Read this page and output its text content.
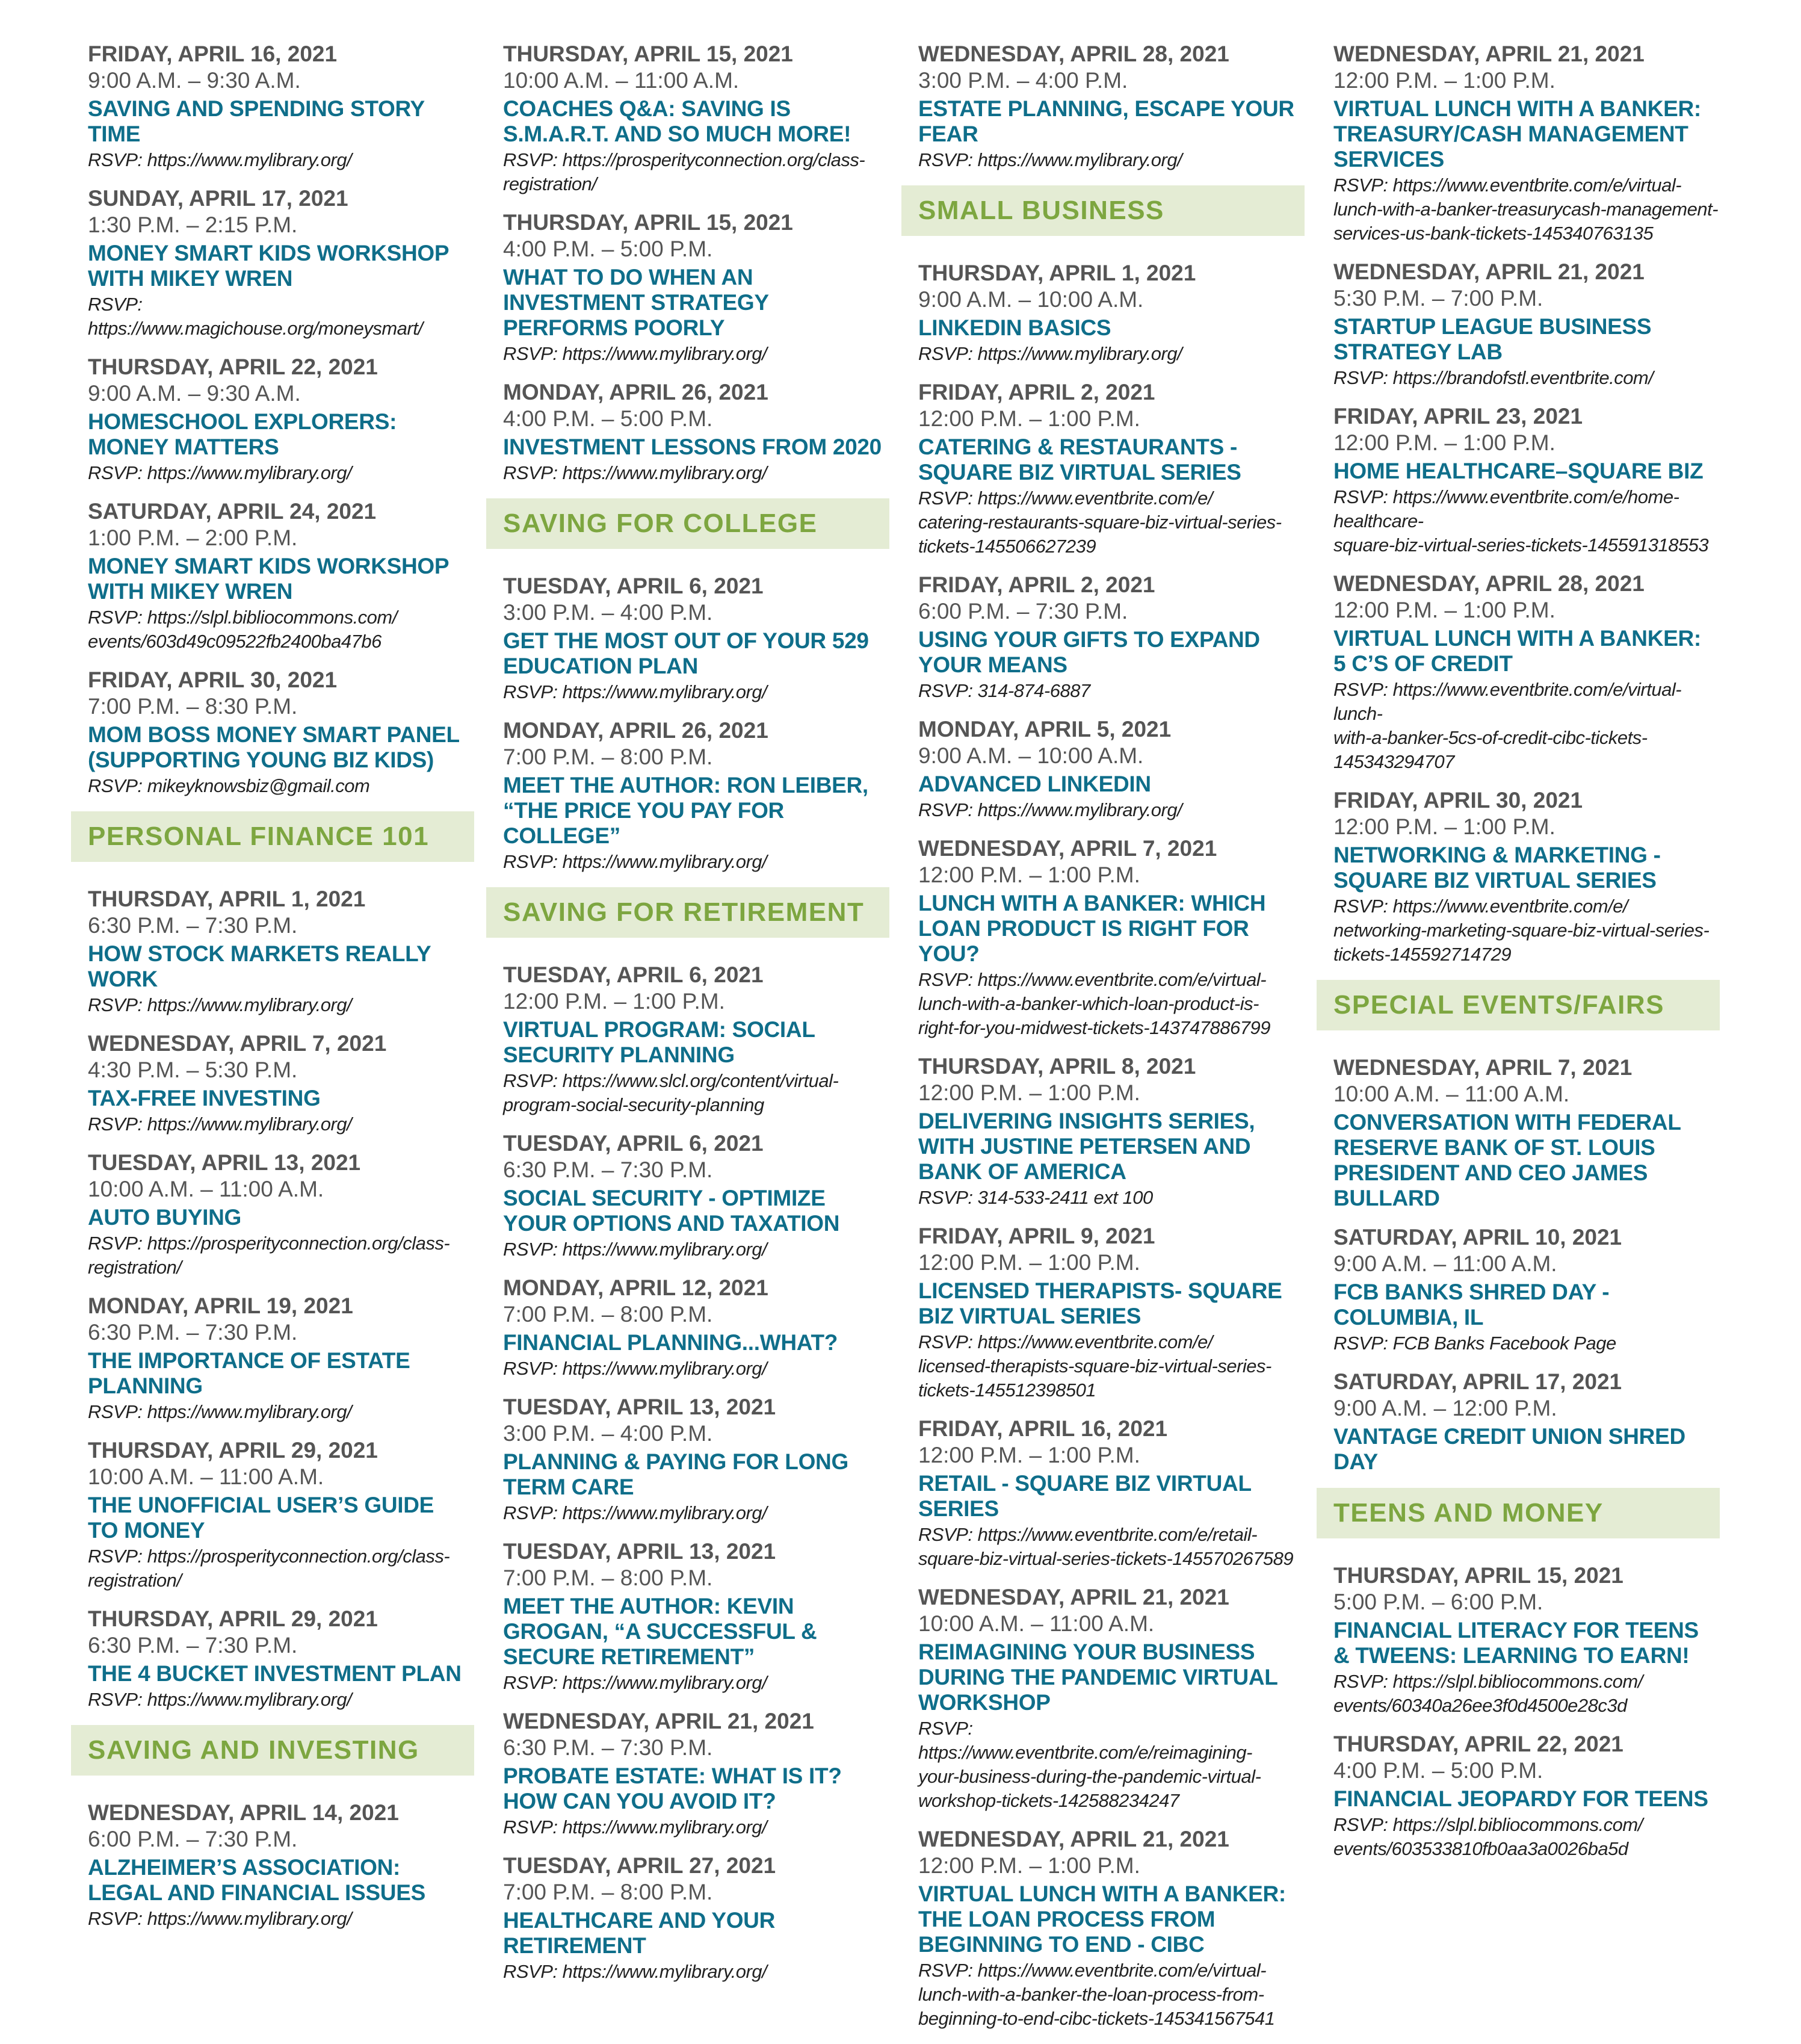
FRIDAY, APRIL 16, 2021
9:00 A.M. – 9:30 A.M.
SAVING AND SPENDING STORY TIME
RSVP: https://www.mylibrary.org/
SUNDAY, APRIL 17, 2021
1:30 P.M. – 2:15 P.M.
MONEY SMART KIDS WORKSHOP
WITH MIKEY WREN
RSVP: https://www.magichouse.org/moneysmart/
THURSDAY, APRIL 22, 2021
9:00 A.M. – 9:30 A.M.
HOMESCHOOL EXPLORERS:
MONEY MATTERS
RSVP: https://www.mylibrary.org/
SATURDAY, APRIL 24, 2021
1:00 P.M. – 2:00 P.M.
MONEY SMART KIDS WORKSHOP
WITH MIKEY WREN
RSVP: https://slpl.bibliocommons.com/
events/603d49c09522fb2400ba47b6
FRIDAY, APRIL 30, 2021
7:00 P.M. – 8:30 P.M.
MOM BOSS MONEY SMART PANEL
(SUPPORTING YOUNG BIZ KIDS)
RSVP: mikeyknowsbiz@gmail.com
PERSONAL FINANCE 101
THURSDAY, APRIL 1, 2021
6:30 P.M. – 7:30 P.M.
HOW STOCK MARKETS REALLY WORK
RSVP: https://www.mylibrary.org/
WEDNESDAY, APRIL 7, 2021
4:30 P.M. – 5:30 P.M.
TAX-FREE INVESTING
RSVP: https://www.mylibrary.org/
TUESDAY, APRIL 13, 2021
10:00 A.M. – 11:00 A.M.
AUTO BUYING
RSVP: https://prosperityconnection.org/class-
registration/
MONDAY, APRIL 19, 2021
6:30 P.M. – 7:30 P.M.
THE IMPORTANCE OF ESTATE
PLANNING
RSVP: https://www.mylibrary.org/
THURSDAY, APRIL 29, 2021
10:00 A.M. – 11:00 A.M.
THE UNOFFICIAL USER’S GUIDE
TO MONEY
RSVP: https://prosperityconnection.org/class-
registration/
THURSDAY, APRIL 29, 2021
6:30 P.M. – 7:30 P.M.
THE 4 BUCKET INVESTMENT PLAN
RSVP: https://www.mylibrary.org/
SAVING AND INVESTING
WEDNESDAY, APRIL 14, 2021
6:00 P.M. – 7:30 P.M.
ALZHEIMER’S ASSOCIATION:
LEGAL AND FINANCIAL ISSUES
RSVP: https://www.mylibrary.org/
THURSDAY, APRIL 15, 2021
10:00 A.M. – 11:00 A.M.
COACHES Q&A: SAVING IS
S.M.A.R.T. AND SO MUCH MORE!
RSVP: https://prosperityconnection.org/class-
registration/
THURSDAY, APRIL 15, 2021
4:00 P.M. – 5:00 P.M.
WHAT TO DO WHEN AN
INVESTMENT STRATEGY
PERFORMS POORLY
RSVP: https://www.mylibrary.org/
MONDAY, APRIL 26, 2021
4:00 P.M. – 5:00 P.M.
INVESTMENT LESSONS FROM 2020
RSVP: https://www.mylibrary.org/
SAVING FOR COLLEGE
TUESDAY, APRIL 6, 2021
3:00 P.M. – 4:00 P.M.
GET THE MOST OUT OF YOUR 529
EDUCATION PLAN
RSVP: https://www.mylibrary.org/
MONDAY, APRIL 26, 2021
7:00 P.M. – 8:00 P.M.
MEET THE AUTHOR: RON LEIBER,
“THE PRICE YOU PAY FOR COLLEGE”
RSVP: https://www.mylibrary.org/
SAVING FOR RETIREMENT
TUESDAY, APRIL 6, 2021
12:00 P.M. – 1:00 P.M.
VIRTUAL PROGRAM: SOCIAL
SECURITY PLANNING
RSVP: https://www.slcl.org/content/virtual-
program-social-security-planning
TUESDAY, APRIL 6, 2021
6:30 P.M. – 7:30 P.M.
SOCIAL SECURITY - OPTIMIZE
YOUR OPTIONS AND TAXATION
RSVP: https://www.mylibrary.org/
MONDAY, APRIL 12, 2021
7:00 P.M. – 8:00 P.M.
FINANCIAL PLANNING...WHAT?
RSVP: https://www.mylibrary.org/
TUESDAY, APRIL 13, 2021
3:00 P.M. – 4:00 P.M.
PLANNING & PAYING FOR LONG
TERM CARE
RSVP: https://www.mylibrary.org/
TUESDAY, APRIL 13, 2021
7:00 P.M. – 8:00 P.M.
MEET THE AUTHOR: KEVIN
GROGAN, “A SUCCESSFUL &
SECURE RETIREMENT”
RSVP: https://www.mylibrary.org/
WEDNESDAY, APRIL 21, 2021
6:30 P.M. – 7:30 P.M.
PROBATE ESTATE: WHAT IS IT?
HOW CAN YOU AVOID IT?
RSVP: https://www.mylibrary.org/
TUESDAY, APRIL 27, 2021
7:00 P.M. – 8:00 P.M.
HEALTHCARE AND YOUR
RETIREMENT
RSVP: https://www.mylibrary.org/
WEDNESDAY, APRIL 28, 2021
3:00 P.M. – 4:00 P.M.
ESTATE PLANNING, ESCAPE YOUR
FEAR
RSVP: https://www.mylibrary.org/
SMALL BUSINESS
THURSDAY, APRIL 1, 2021
9:00 A.M. – 10:00 A.M.
LINKEDIN BASICS
RSVP: https://www.mylibrary.org/
FRIDAY, APRIL 2, 2021
12:00 P.M. – 1:00 P.M.
CATERING & RESTAURANTS -
SQUARE BIZ VIRTUAL SERIES
RSVP: https://www.eventbrite.com/e/
catering-restaurants-square-biz-virtual-series-
tickets-145506627239
FRIDAY, APRIL 2, 2021
6:00 P.M. – 7:30 P.M.
USING YOUR GIFTS TO EXPAND
YOUR MEANS
RSVP: 314-874-6887
MONDAY, APRIL 5, 2021
9:00 A.M. – 10:00 A.M.
ADVANCED LINKEDIN
RSVP: https://www.mylibrary.org/
WEDNESDAY, APRIL 7, 2021
12:00 P.M. – 1:00 P.M.
LUNCH WITH A BANKER: WHICH
LOAN PRODUCT IS RIGHT FOR YOU?
RSVP: https://www.eventbrite.com/e/virtual-
lunch-with-a-banker-which-loan-product-is-
right-for-you-midwest-tickets-143747886799
THURSDAY, APRIL 8, 2021
12:00 P.M. – 1:00 P.M.
DELIVERING INSIGHTS SERIES,
WITH JUSTINE PETERSEN AND
BANK OF AMERICA
RSVP: 314-533-2411 ext 100
FRIDAY, APRIL 9, 2021
12:00 P.M. – 1:00 P.M.
LICENSED THERAPISTS- SQUARE
BIZ VIRTUAL SERIES
RSVP: https://www.eventbrite.com/e/
licensed-therapists-square-biz-virtual-series-
tickets-145512398501
FRIDAY, APRIL 16, 2021
12:00 P.M. – 1:00 P.M.
RETAIL - SQUARE BIZ VIRTUAL SERIES
RSVP: https://www.eventbrite.com/e/retail-
square-biz-virtual-series-tickets-145570267589
WEDNESDAY, APRIL 21, 2021
10:00 A.M. – 11:00 A.M.
REIMAGINING YOUR BUSINESS
DURING THE PANDEMIC VIRTUAL
WORKSHOP
RSVP: https://www.eventbrite.com/e/reimagining-
your-business-during-the-pandemic-virtual-
workshop-tickets-142588234247
WEDNESDAY, APRIL 21, 2021
12:00 P.M. – 1:00 P.M.
VIRTUAL LUNCH WITH A BANKER:
THE LOAN PROCESS FROM
BEGINNING TO END - CIBC
RSVP: https://www.eventbrite.com/e/virtual-
lunch-with-a-banker-the-loan-process-from-
beginning-to-end-cibc-tickets-145341567541
WEDNESDAY, APRIL 21, 2021
12:00 P.M. – 1:00 P.M.
VIRTUAL LUNCH WITH A BANKER:
TREASURY/CASH MANAGEMENT
SERVICES
RSVP: https://www.eventbrite.com/e/virtual-
lunch-with-a-banker-treasurycash-management-
services-us-bank-tickets-145340763135
WEDNESDAY, APRIL 21, 2021
5:30 P.M. – 7:00 P.M.
STARTUP LEAGUE BUSINESS
STRATEGY LAB
RSVP: https://brandofstl.eventbrite.com/
FRIDAY, APRIL 23, 2021
12:00 P.M. – 1:00 P.M.
HOME HEALTHCARE–SQUARE BIZ
RSVP: https://www.eventbrite.com/e/home-healthcare-
square-biz-virtual-series-tickets-145591318553
WEDNESDAY, APRIL 28, 2021
12:00 P.M. – 1:00 P.M.
VIRTUAL LUNCH WITH A BANKER:
5 C’S OF CREDIT
RSVP: https://www.eventbrite.com/e/virtual-lunch-
with-a-banker-5cs-of-credit-cibc-tickets-145343294707
FRIDAY, APRIL 30, 2021
12:00 P.M. – 1:00 P.M.
NETWORKING & MARKETING -
SQUARE BIZ VIRTUAL SERIES
RSVP: https://www.eventbrite.com/e/
networking-marketing-square-biz-virtual-series-
tickets-145592714729
SPECIAL EVENTS/FAIRS
WEDNESDAY, APRIL 7, 2021
10:00 A.M. – 11:00 A.M.
CONVERSATION WITH FEDERAL
RESERVE BANK OF ST. LOUIS
PRESIDENT AND CEO JAMES
BULLARD
SATURDAY, APRIL 10, 2021
9:00 A.M. – 11:00 A.M.
FCB BANKS SHRED DAY - COLUMBIA, IL
RSVP: FCB Banks Facebook Page
SATURDAY, APRIL 17, 2021
9:00 A.M. – 12:00 P.M.
VANTAGE CREDIT UNION SHRED DAY
TEENS AND MONEY
THURSDAY, APRIL 15, 2021
5:00 P.M. – 6:00 P.M.
FINANCIAL LITERACY FOR TEENS
& TWEENS: LEARNING TO EARN!
RSVP: https://slpl.bibliocommons.com/
events/60340a26ee3f0d4500e28c3d
THURSDAY, APRIL 22, 2021
4:00 P.M. – 5:00 P.M.
FINANCIAL JEOPARDY FOR TEENS
RSVP: https://slpl.bibliocommons.com/
events/603533810fb0aa3a0026ba5d
